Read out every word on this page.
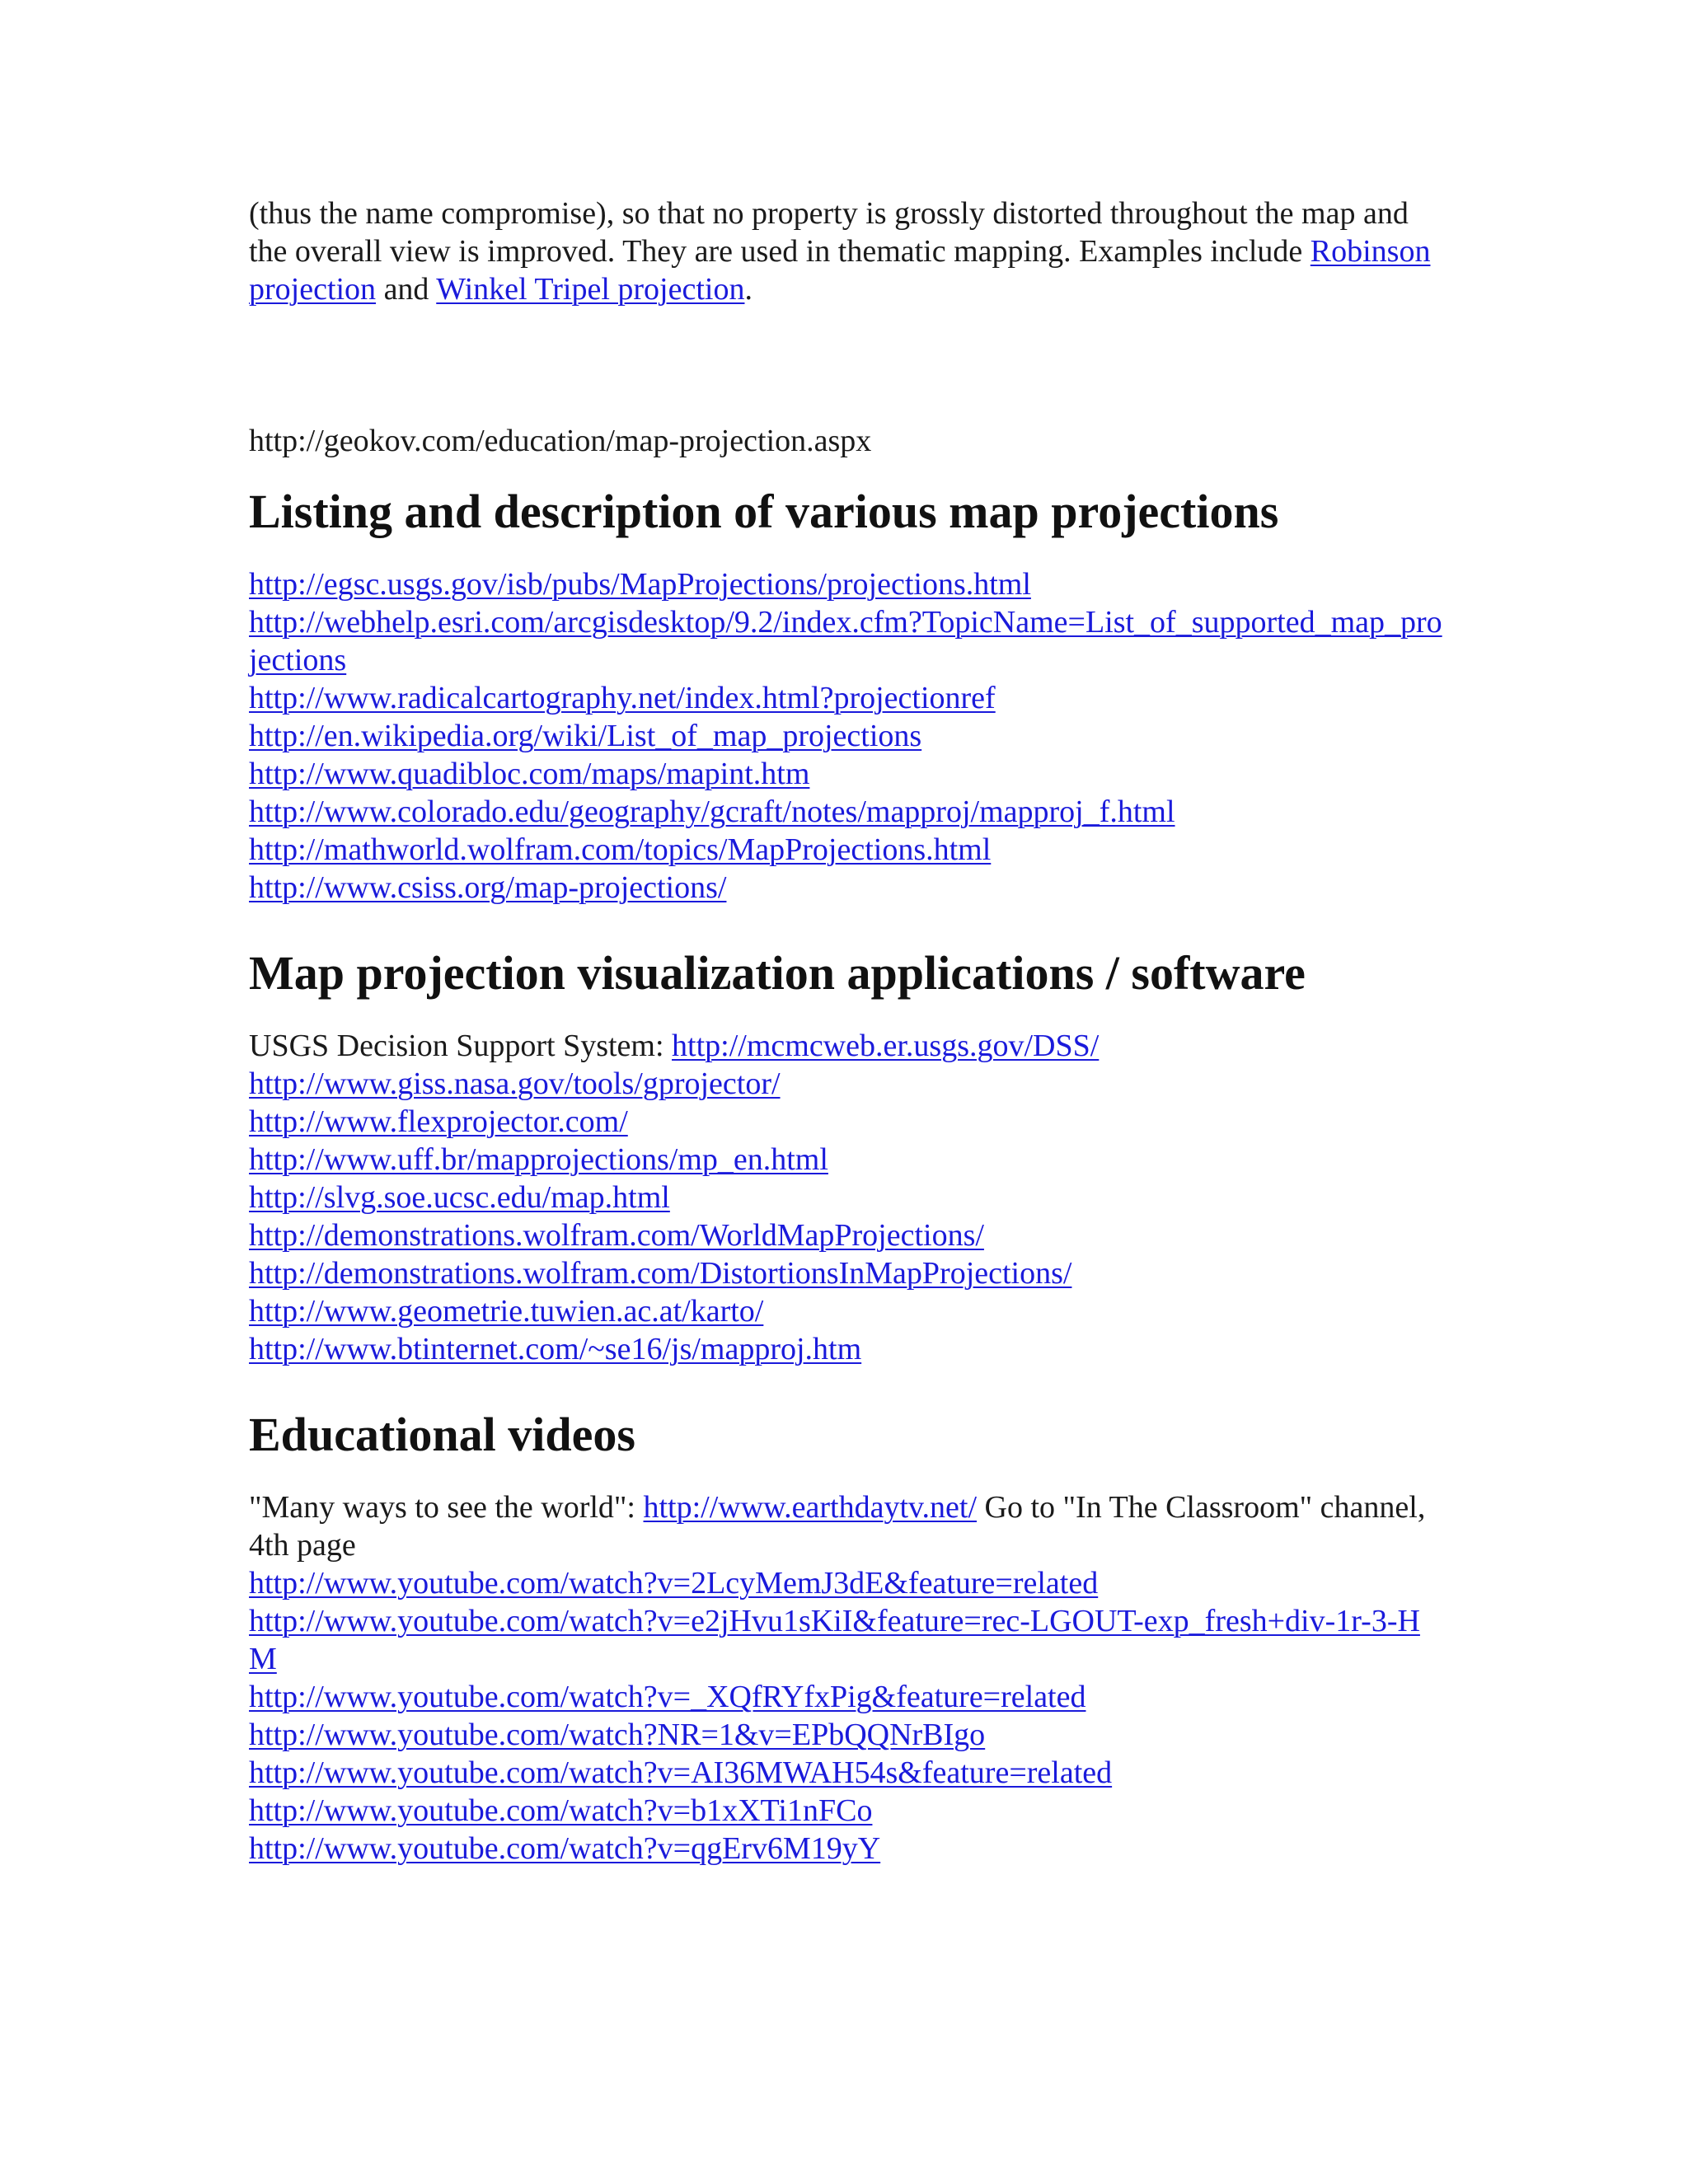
(thus the name compromise), so that no property is grossly distorted throughout the map and the overall view is improved. They are used in thematic mapping. Examples include Robinson projection and Winkel Tripel projection.

http://geokov.com/education/map-projection.aspx

Listing and description of various map projections
http://egsc.usgs.gov/isb/pubs/MapProjections/projections.html
http://webhelp.esri.com/arcgisdesktop/9.2/index.cfm?TopicName=List_of_supported_map_projections
http://www.radicalcartography.net/index.html?projectionref
http://en.wikipedia.org/wiki/List_of_map_projections
http://www.quadibloc.com/maps/mapint.htm
http://www.colorado.edu/geography/gcraft/notes/mapproj/mapproj_f.html
http://mathworld.wolfram.com/topics/MapProjections.html
http://www.csiss.org/map-projections/
Map projection visualization applications / software
USGS Decision Support System: http://mcmcweb.er.usgs.gov/DSS/
http://www.giss.nasa.gov/tools/gprojector/
http://www.flexprojector.com/
http://www.uff.br/mapprojections/mp_en.html
http://slvg.soe.ucsc.edu/map.html
http://demonstrations.wolfram.com/WorldMapProjections/
http://demonstrations.wolfram.com/DistortionsInMapProjections/
http://www.geometrie.tuwien.ac.at/karto/
http://www.btinternet.com/~se16/js/mapproj.htm
Educational videos
"Many ways to see the world": http://www.earthdaytv.net/ Go to "In The Classroom" channel, 4th page
http://www.youtube.com/watch?v=2LcyMemJ3dE&feature=related
http://www.youtube.com/watch?v=e2jHvu1sKiI&feature=rec-LGOUT-exp_fresh+div-1r-3-HM
http://www.youtube.com/watch?v=_XQfRYfxPig&feature=related
http://www.youtube.com/watch?NR=1&v=EPbQQNrBIgo
http://www.youtube.com/watch?v=AI36MWAH54s&feature=related
http://www.youtube.com/watch?v=b1xXTi1nFCo
http://www.youtube.com/watch?v=qgErv6M19yY
